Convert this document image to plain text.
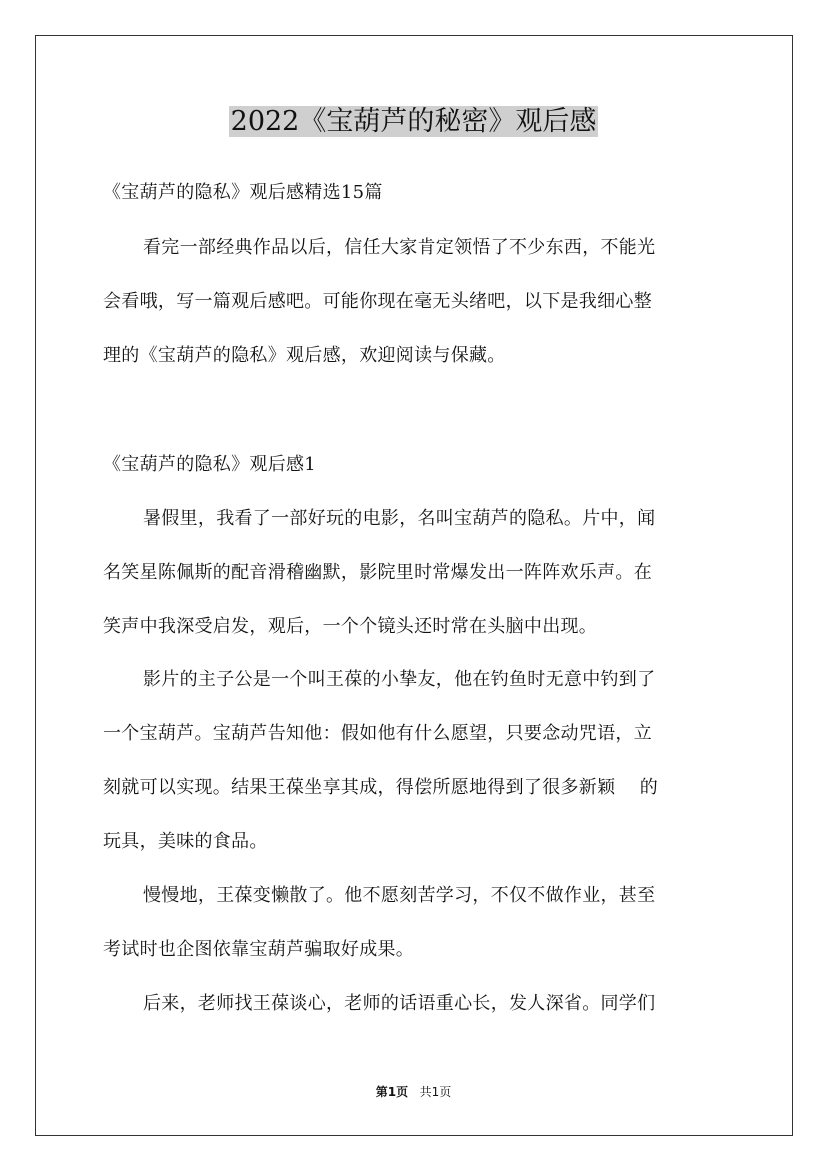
2022《宝葫芦的秘密》观后感
《宝葫芦的隐私》观后感精选15篇
看完一部经典作品以后，信任大家肯定领悟了不少东西，不能光
会看哦，写一篇观后感吧。可能你现在毫无头绪吧，以下是我细心整
理的《宝葫芦的隐私》观后感，欢迎阅读与保藏。
《宝葫芦的隐私》观后感1
暑假里，我看了一部好玩的电影，名叫宝葫芦的隐私。片中，闻
名笑星陈佩斯的配音滑稽幽默，影院里时常爆发出一阵阵欢乐声。在
笑声中我深受启发，观后，一个个镜头还时常在头脑中出现。
影片的主子公是一个叫王葆的小挚友，他在钓鱼时无意中钓到了
一个宝葫芦。宝葫芦告知他：假如他有什么愿望，只要念动咒语，立
刻就可以实现。结果王葆坐享其成，得偿所愿地得到了很多新颖　 的
玩具，美味的食品。
慢慢地，王葆变懒散了。他不愿刻苦学习，不仅不做作业，甚至
考试时也企图依靠宝葫芦骗取好成果。
后来，老师找王葆谈心，老师的话语重心长，发人深省。同学们
第1页 共1页
